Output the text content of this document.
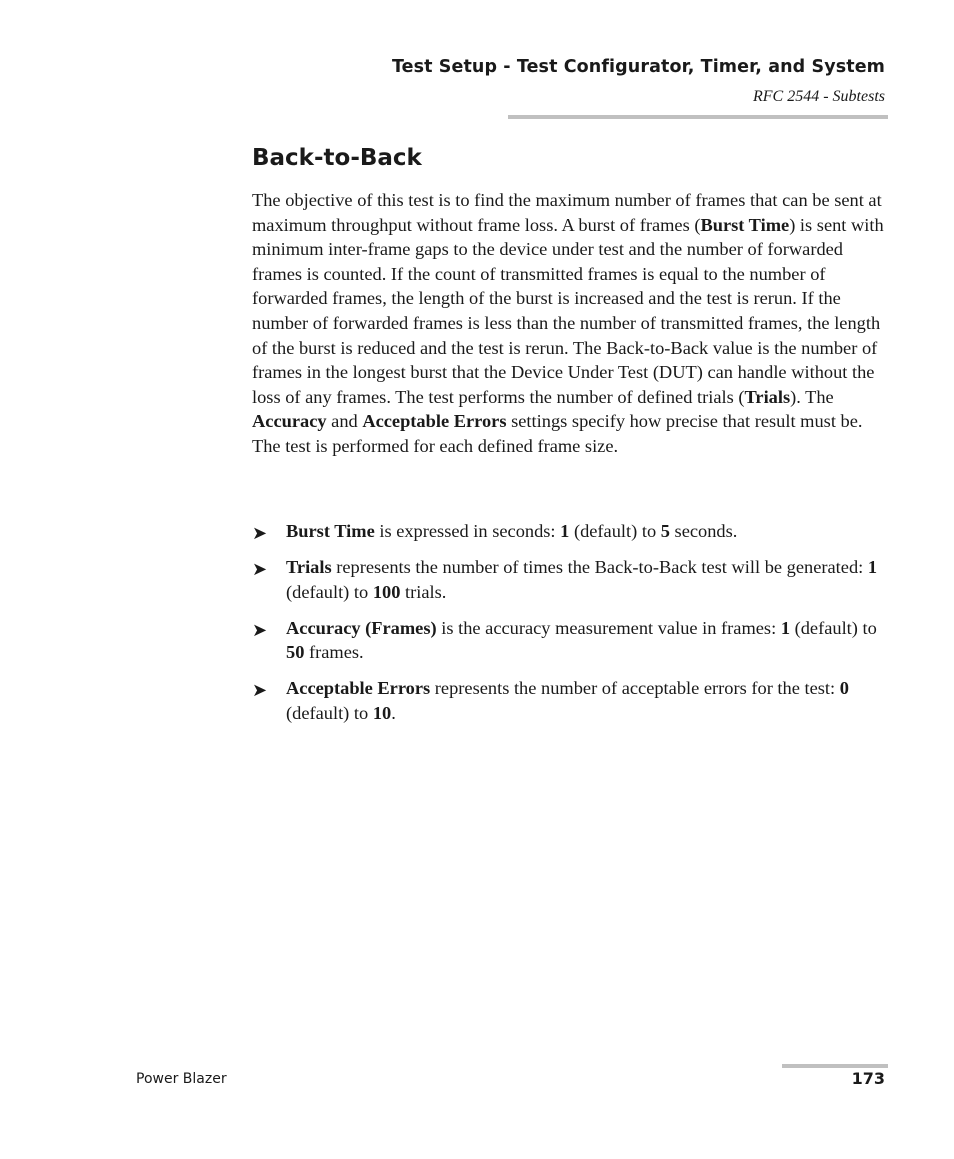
Test Setup - Test Configurator, Timer, and System
RFC 2544 - Subtests
Back-to-Back

The objective of this test is to find the maximum number of frames that can be sent at maximum throughput without frame loss. A burst of frames (Burst Time) is sent with minimum inter-frame gaps to the device under test and the number of forwarded frames is counted. If the count of transmitted frames is equal to the number of forwarded frames, the length of the burst is increased and the test is rerun. If the number of forwarded frames is less than the number of transmitted frames, the length of the burst is reduced and the test is rerun. The Back-to-Back value is the number of frames in the longest burst that the Device Under Test (DUT) can handle without the loss of any frames. The test performs the number of defined trials (Trials). The Accuracy and Acceptable Errors settings specify how precise that result must be. The test is performed for each defined frame size.

➤ Burst Time is expressed in seconds: 1 (default) to 5 seconds.
➤ Trials represents the number of times the Back-to-Back test will be generated: 1 (default) to 100 trials.
➤ Accuracy (Frames) is the accuracy measurement value in frames: 1 (default) to 50 frames.
➤ Acceptable Errors represents the number of acceptable errors for the test: 0 (default) to 10.
Power Blazer	173
